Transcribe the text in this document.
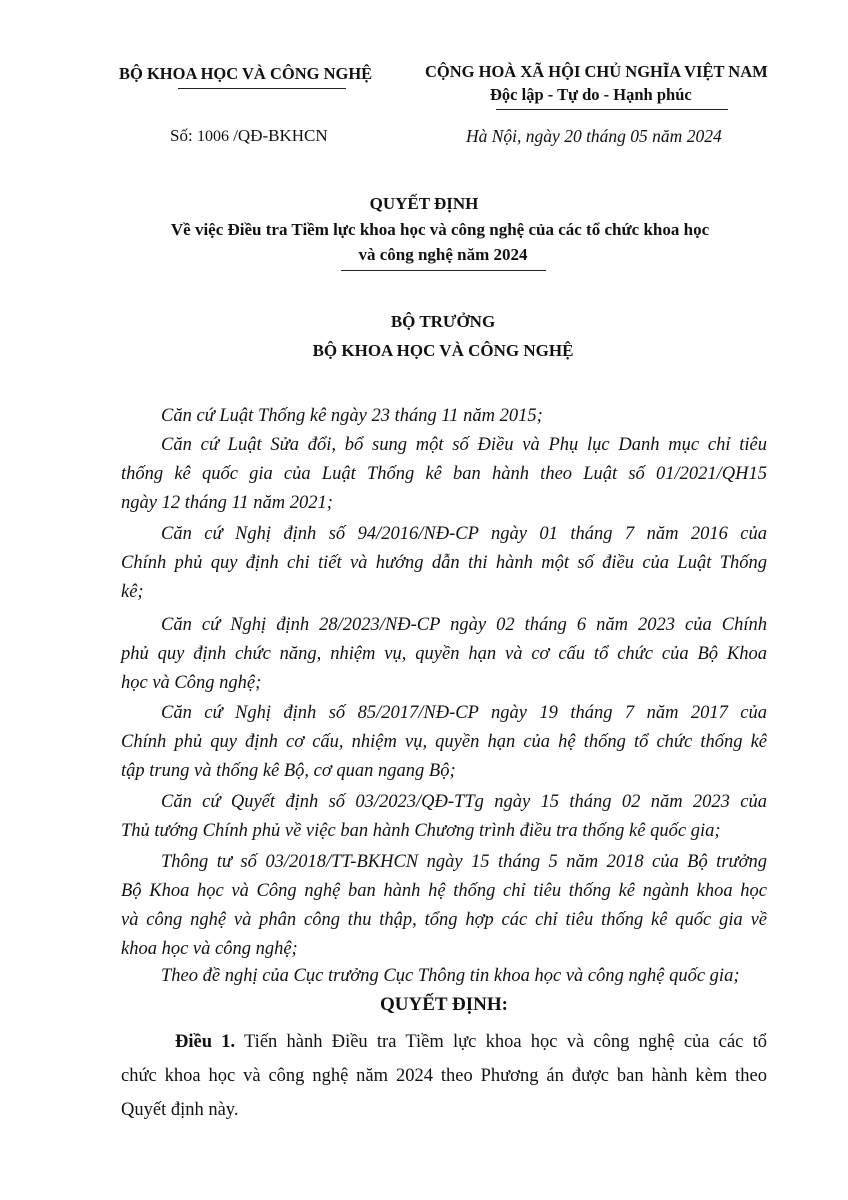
BỘ KHOA HỌC VÀ CÔNG NGHỆ	CỘNG HOÀ XÃ HỘI CHỦ NGHĨA VIỆT NAM
Độc lập - Tự do - Hạnh phúc
Số: 1006 /QĐ-BKHCN	Hà Nội, ngày 20 tháng 05 năm 2024
QUYẾT ĐỊNH
Về việc Điều tra Tiềm lực khoa học và công nghệ của các tổ chức khoa học
và công nghệ năm 2024
BỘ TRƯỞNG
BỘ KHOA HỌC VÀ CÔNG NGHỆ
Căn cứ Luật Thống kê ngày 23 tháng 11 năm 2015;
Căn cứ Luật Sửa đổi, bổ sung một số Điều và Phụ lục Danh mục chỉ tiêu
thống kê quốc gia của Luật Thống kê ban hành theo Luật số 01/2021/QH15
ngày 12 tháng 11 năm 2021;
Căn cứ Nghị định số 94/2016/NĐ-CP ngày 01 tháng 7 năm 2016 của
Chính phủ quy định chi tiết và hướng dẫn thi hành một số điều của Luật Thống
kê;
Căn cứ Nghị định 28/2023/NĐ-CP ngày 02 tháng 6 năm 2023 của Chính
phủ quy định chức năng, nhiệm vụ, quyền hạn và cơ cấu tổ chức của Bộ Khoa
học và Công nghệ;
Căn cứ Nghị định số 85/2017/NĐ-CP ngày 19 tháng 7 năm 2017 của
Chính phủ quy định cơ cấu, nhiệm vụ, quyền hạn của hệ thống tổ chức thống kê
tập trung và thống kê Bộ, cơ quan ngang Bộ;
Căn cứ Quyết định số 03/2023/QĐ-TTg ngày 15 tháng 02 năm 2023 của
Thủ tướng Chính phủ về việc ban hành Chương trình điều tra thống kê quốc gia;
Thông tư số 03/2018/TT-BKHCN ngày 15 tháng 5 năm 2018 của Bộ trưởng
Bộ Khoa học và Công nghệ ban hành hệ thống chỉ tiêu thống kê ngành khoa học
và công nghệ và phân công thu thập, tổng hợp các chỉ tiêu thống kê quốc gia về
khoa học và công nghệ;
Theo đề nghị của Cục trưởng Cục Thông tin khoa học và công nghệ quốc gia;
QUYẾT ĐỊNH:
Điều 1. Tiến hành Điều tra Tiềm lực khoa học và công nghệ của các tổ
chức khoa học và công nghệ năm 2024 theo Phương án được ban hành kèm theo
Quyết định này.
